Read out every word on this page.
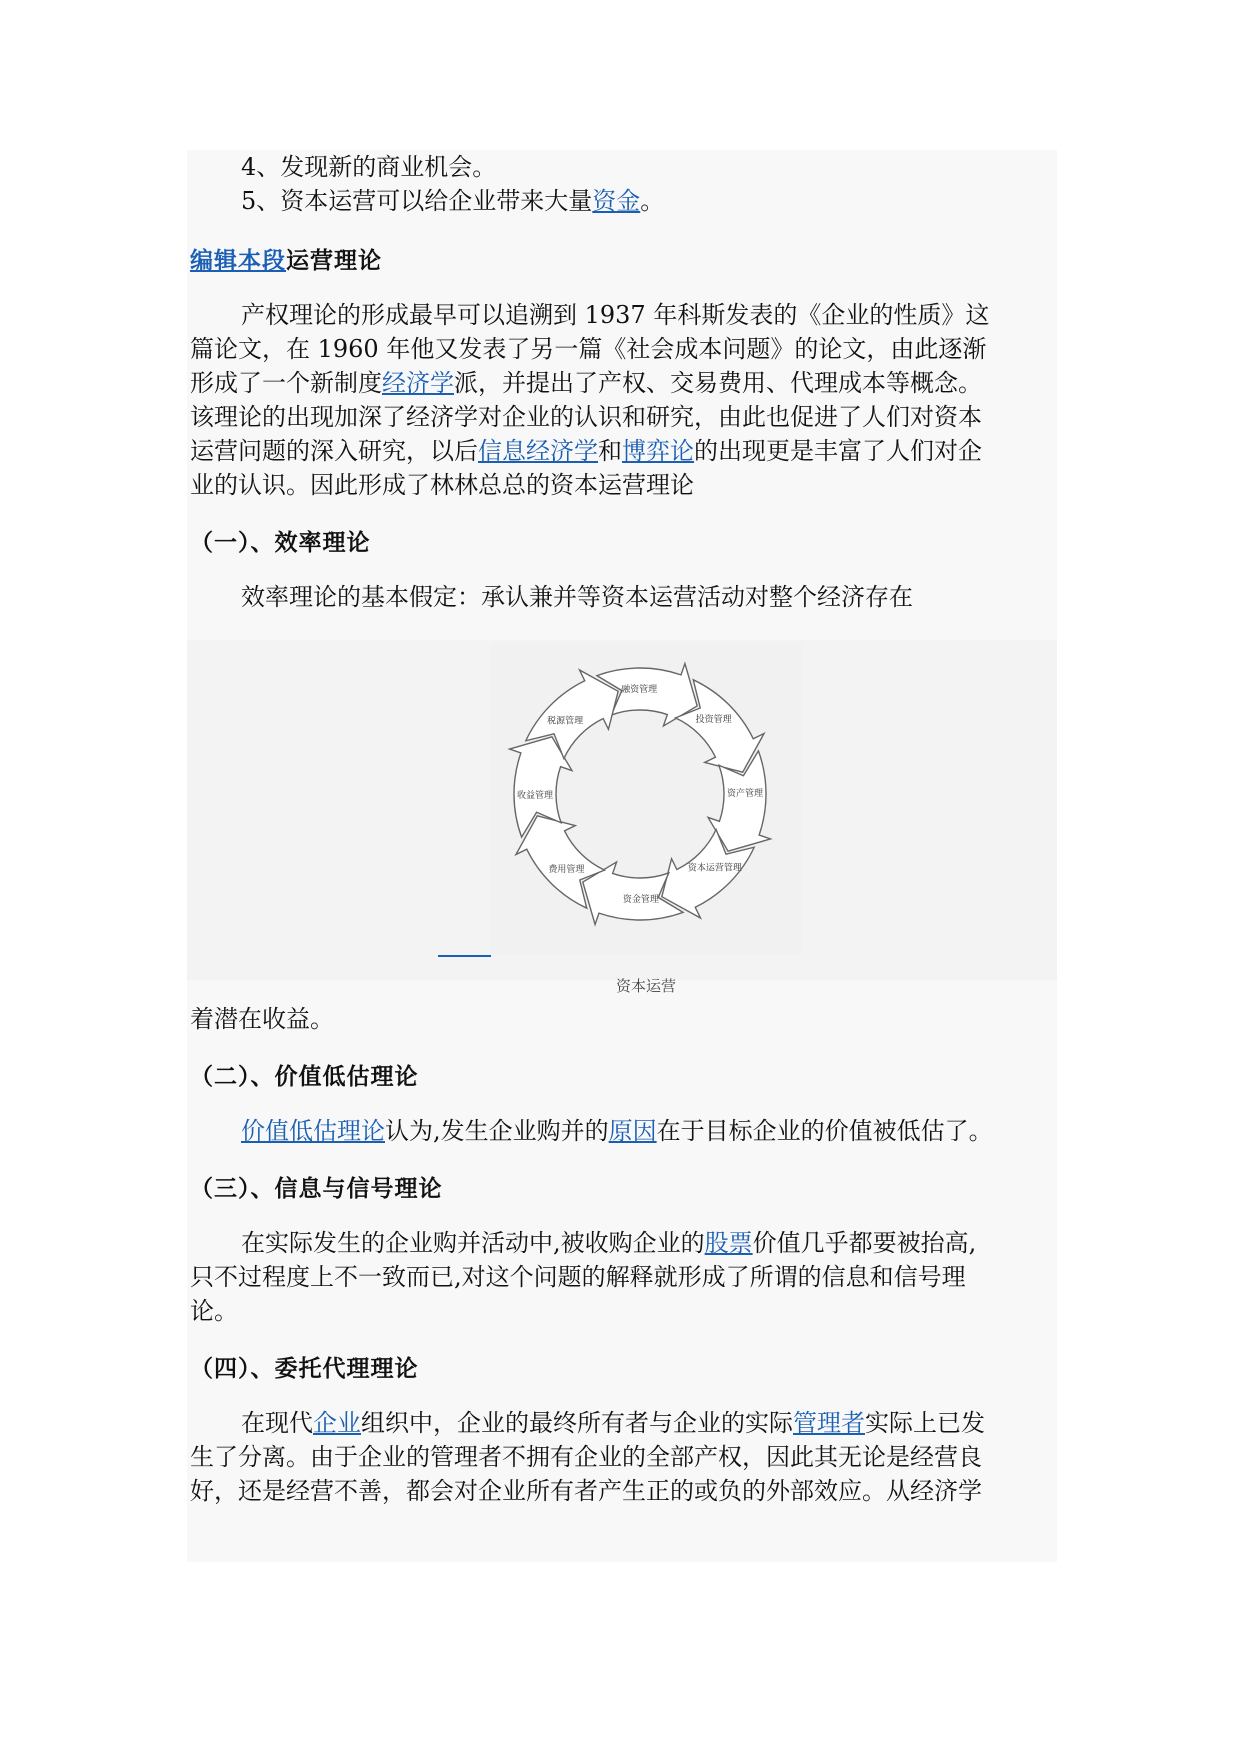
4、发现新的商业机会。
5、资本运营可以给企业带来大量资金。
编辑本段运营理论
产权理论的形成最早可以追溯到 1937 年科斯发表的《企业的性质》这
篇论文，在 1960 年他又发表了另一篇《社会成本问题》的论文，由此逐渐
形成了一个新制度经济学派，并提出了产权、交易费用、代理成本等概念。
该理论的出现加深了经济学对企业的认识和研究，由此也促进了人们对资本
运营问题的深入研究，以后信息经济学和博弈论的出现更是丰富了人们对企
业的认识。因此形成了林林总总的资本运营理论
（一）、效率理论
效率理论的基本假定：承认兼并等资本运营活动对整个经济存在
融资管理
投资管理
资产管理
资本运营管理
资金管理
费用管理
收益管理
税源管理
资本运营
着潜在收益。
（二）、价值低估理论
价值低估理论认为,发生企业购并的原因在于目标企业的价值被低估了。
（三）、信息与信号理论
在实际发生的企业购并活动中,被收购企业的股票价值几乎都要被抬高,
只不过程度上不一致而已,对这个问题的解释就形成了所谓的信息和信号理
论。
（四）、委托代理理论
在现代企业组织中，企业的最终所有者与企业的实际管理者实际上已发
生了分离。由于企业的管理者不拥有企业的全部产权，因此其无论是经营良
好，还是经营不善，都会对企业所有者产生正的或负的外部效应。从经济学
